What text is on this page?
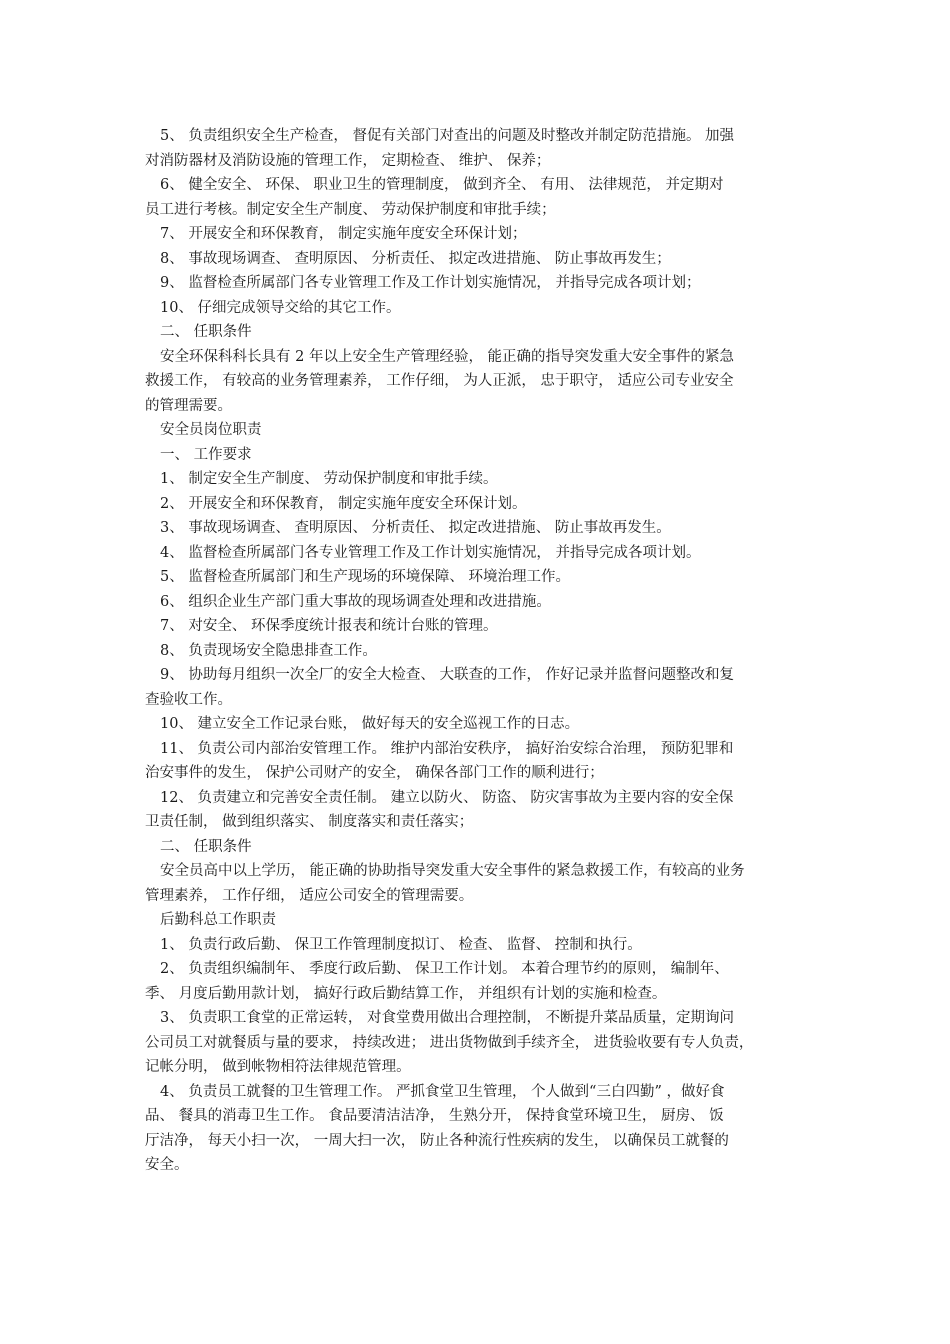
5、 负责组织安全生产检查， 督促有关部门对查出的问题及时整改并制定防范措施。 加强

对消防器材及消防设施的管理工作， 定期检查、 维护、 保养；

6、 健全安全、 环保、 职业卫生的管理制度， 做到齐全、 有用、 法律规范， 并定期对

员工进行考核。制定安全生产制度、 劳动保护制度和审批手续；

7、 开展安全和环保教育， 制定实施年度安全环保计划；

8、 事故现场调查、 查明原因、 分析责任、 拟定改进措施、 防止事故再发生；

9、 监督检查所属部门各专业管理工作及工作计划实施情况， 并指导完成各项计划；

10、 仔细完成领导交给的其它工作。

二、 任职条件

安全环保科科长具有 2 年以上安全生产管理经验， 能正确的指导突发重大安全事件的紧急

救援工作， 有较高的业务管理素养， 工作仔细， 为人正派， 忠于职守， 适应公司专业安全

的管理需要。

安全员岗位职责

一、 工作要求

1、 制定安全生产制度、 劳动保护制度和审批手续。

2、 开展安全和环保教育， 制定实施年度安全环保计划。

3、 事故现场调查、 查明原因、 分析责任、 拟定改进措施、 防止事故再发生。

4、 监督检查所属部门各专业管理工作及工作计划实施情况， 并指导完成各项计划。

5、 监督检查所属部门和生产现场的环境保障、 环境治理工作。

6、 组织企业生产部门重大事故的现场调查处理和改进措施。

7、 对安全、 环保季度统计报表和统计台账的管理。

8、 负责现场安全隐患排查工作。

9、 协助每月组织一次全厂的安全大检查、 大联查的工作， 作好记录并监督问题整改和复

查验收工作。

10、 建立安全工作记录台账， 做好每天的安全巡视工作的日志。

11、 负责公司内部治安管理工作。 维护内部治安秩序， 搞好治安综合治理， 预防犯罪和

治安事件的发生， 保护公司财产的安全， 确保各部门工作的顺利进行；

12、 负责建立和完善安全责任制。 建立以防火、 防盗、 防灾害事故为主要内容的安全保

卫责任制， 做到组织落实、 制度落实和责任落实；

二、 任职条件

安全员高中以上学历， 能正确的协助指导突发重大安全事件的紧急救援工作，有较高的业务

管理素养， 工作仔细， 适应公司安全的管理需要。

后勤科总工作职责

1、 负责行政后勤、 保卫工作管理制度拟订、 检查、 监督、 控制和执行。

2、 负责组织编制年、 季度行政后勤、 保卫工作计划。 本着合理节约的原则， 编制年、

季、 月度后勤用款计划， 搞好行政后勤结算工作， 并组织有计划的实施和检查。

3、 负责职工食堂的正常运转， 对食堂费用做出合理控制， 不断提升菜品质量，定期询问

公司员工对就餐质与量的要求， 持续改进； 进出货物做到手续齐全， 进货验收要有专人负责，

记帐分明， 做到帐物相符法律规范管理。

4、 负责员工就餐的卫生管理工作。 严抓食堂卫生管理， 个人做到“三白四勤” ，做好食

品、 餐具的消毒卫生工作。 食品要清洁洁净， 生熟分开， 保持食堂环境卫生， 厨房、 饭

厅洁净， 每天小扫一次， 一周大扫一次， 防止各种流行性疾病的发生， 以确保员工就餐的

安全。
